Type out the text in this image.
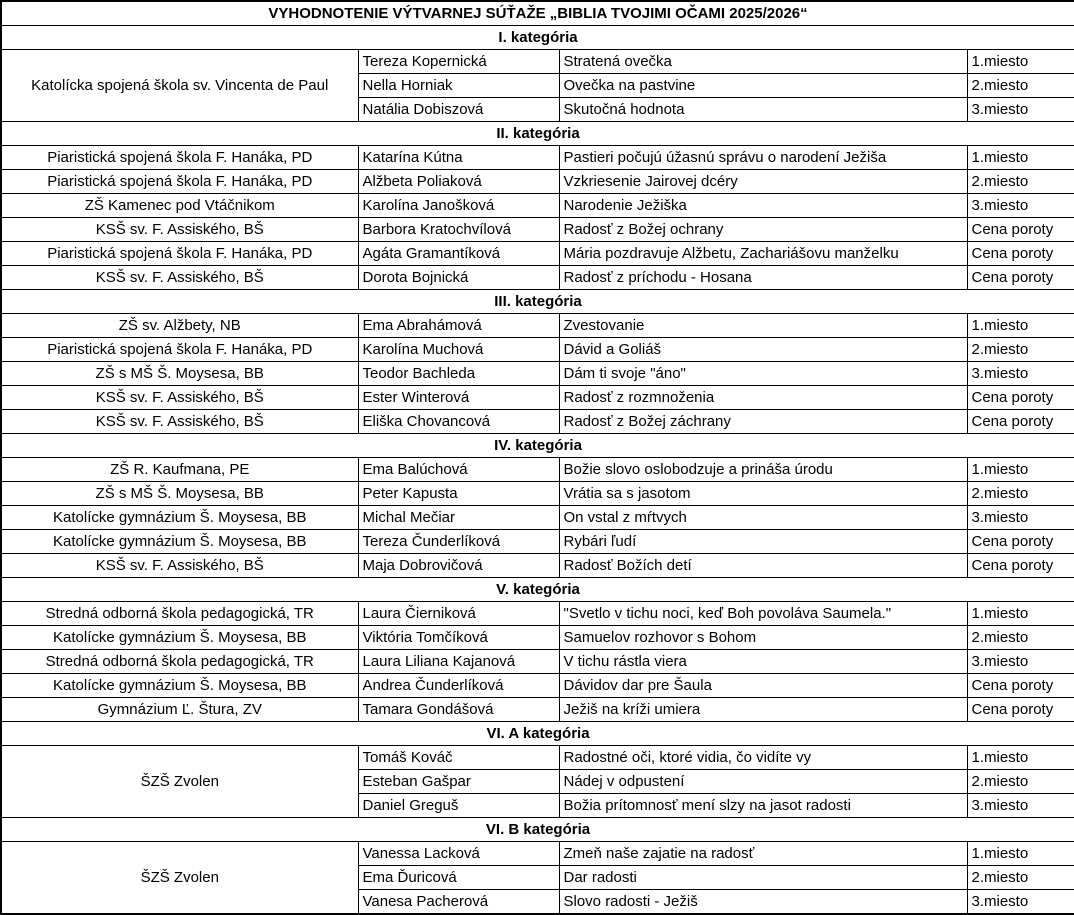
VYHODNOTENIE VÝTVARNEJ SÚŤAŽE „BIBLIA TVOJIMI OČAMI 2025/2026“			
I. kategória			
Katolícka spojená škola sv. Vincenta de Paul	Tereza Kopernická	Stratená ovečka	1.miesto
	Nella Horniak	Ovečka na pastvine	2.miesto
	Natália Dobiszová	Skutočná hodnota	3.miesto
II. kategória			
Piaristická spojená škola F. Hanáka, PD	Katarína Kútna	Pastieri počujú úžasnú správu o narodení Ježiša	1.miesto
Piaristická spojená škola F. Hanáka, PD	Alžbeta Poliaková	Vzkriesenie Jairovej dcéry	2.miesto
ZŠ Kamenec pod Vtáčnikom	Karolína Janošková	Narodenie Ježiška	3.miesto
KSŠ sv. F. Assiského, BŠ	Barbora Kratochvílová	Radosť z Božej ochrany	Cena poroty
Piaristická spojená škola F. Hanáka, PD	Agáta Gramantíková	Mária pozdravuje Alžbetu, Zachariášovu manželku	Cena poroty
KSŠ sv. F. Assiského, BŠ	Dorota Bojnická	Radosť z príchodu - Hosana	Cena poroty
III. kategória			
ZŠ sv. Alžbety, NB	Ema Abrahámová	Zvestovanie	1.miesto
Piaristická spojená škola F. Hanáka, PD	Karolína Muchová	Dávid a Goliáš	2.miesto
ZŠ s MŠ Š. Moysesa, BB	Teodor Bachleda	Dám ti svoje "áno"	3.miesto
KSŠ sv. F. Assiského, BŠ	Ester Winterová	Radosť z rozmnoženia	Cena poroty
KSŠ sv. F. Assiského, BŠ	Eliška Chovancová	Radosť z Božej záchrany	Cena poroty
IV. kategória			
ZŠ R. Kaufmana, PE	Ema Balúchová	Božie slovo oslobodzuje a prináša úrodu	1.miesto
ZŠ s MŠ Š. Moysesa, BB	Peter Kapusta	Vrátia sa s jasotom	2.miesto
Katolícke gymnázium Š. Moysesa, BB	Michal Mečiar	On vstal z mŕtvych	3.miesto
Katolícke gymnázium Š. Moysesa, BB	Tereza Čunderlíková	Rybári ľudí	Cena poroty
KSŠ sv. F. Assiského, BŠ	Maja Dobrovičová	Radosť Božích detí	Cena poroty
V. kategória			
Stredná odborná škola pedagogická, TR	Laura Čierniková	"Svetlo v tichu noci, keď Boh povoláva Saumela."	1.miesto
Katolícke gymnázium Š. Moysesa, BB	Viktória Tomčíková	Samuelov rozhovor s Bohom	2.miesto
Stredná odborná škola pedagogická, TR	Laura Liliana Kajanová	V tichu rástla viera	3.miesto
Katolícke gymnázium Š. Moysesa, BB	Andrea Čunderlíková	Dávidov dar pre Šaula	Cena poroty
Gymnázium Ľ. Štura, ZV	Tamara Gondášová	Ježiš na kríži umiera	Cena poroty
VI. A kategória			
ŠZŠ Zvolen	Tomáš Kováč	Radostné oči, ktoré vidia, čo vidíte vy	1.miesto
	Esteban Gašpar	Nádej v odpustení	2.miesto
	Daniel Greguš	Božia prítomnosť mení slzy na jasot radosti	3.miesto
VI. B kategória			
ŠZŠ Zvolen	Vanessa Lacková	Zmeň naše zajatie na radosť	1.miesto
	Ema Ďuricová	Dar radosti	2.miesto
	Vanesa Pacherová	Slovo radosti - Ježiš	3.miesto
